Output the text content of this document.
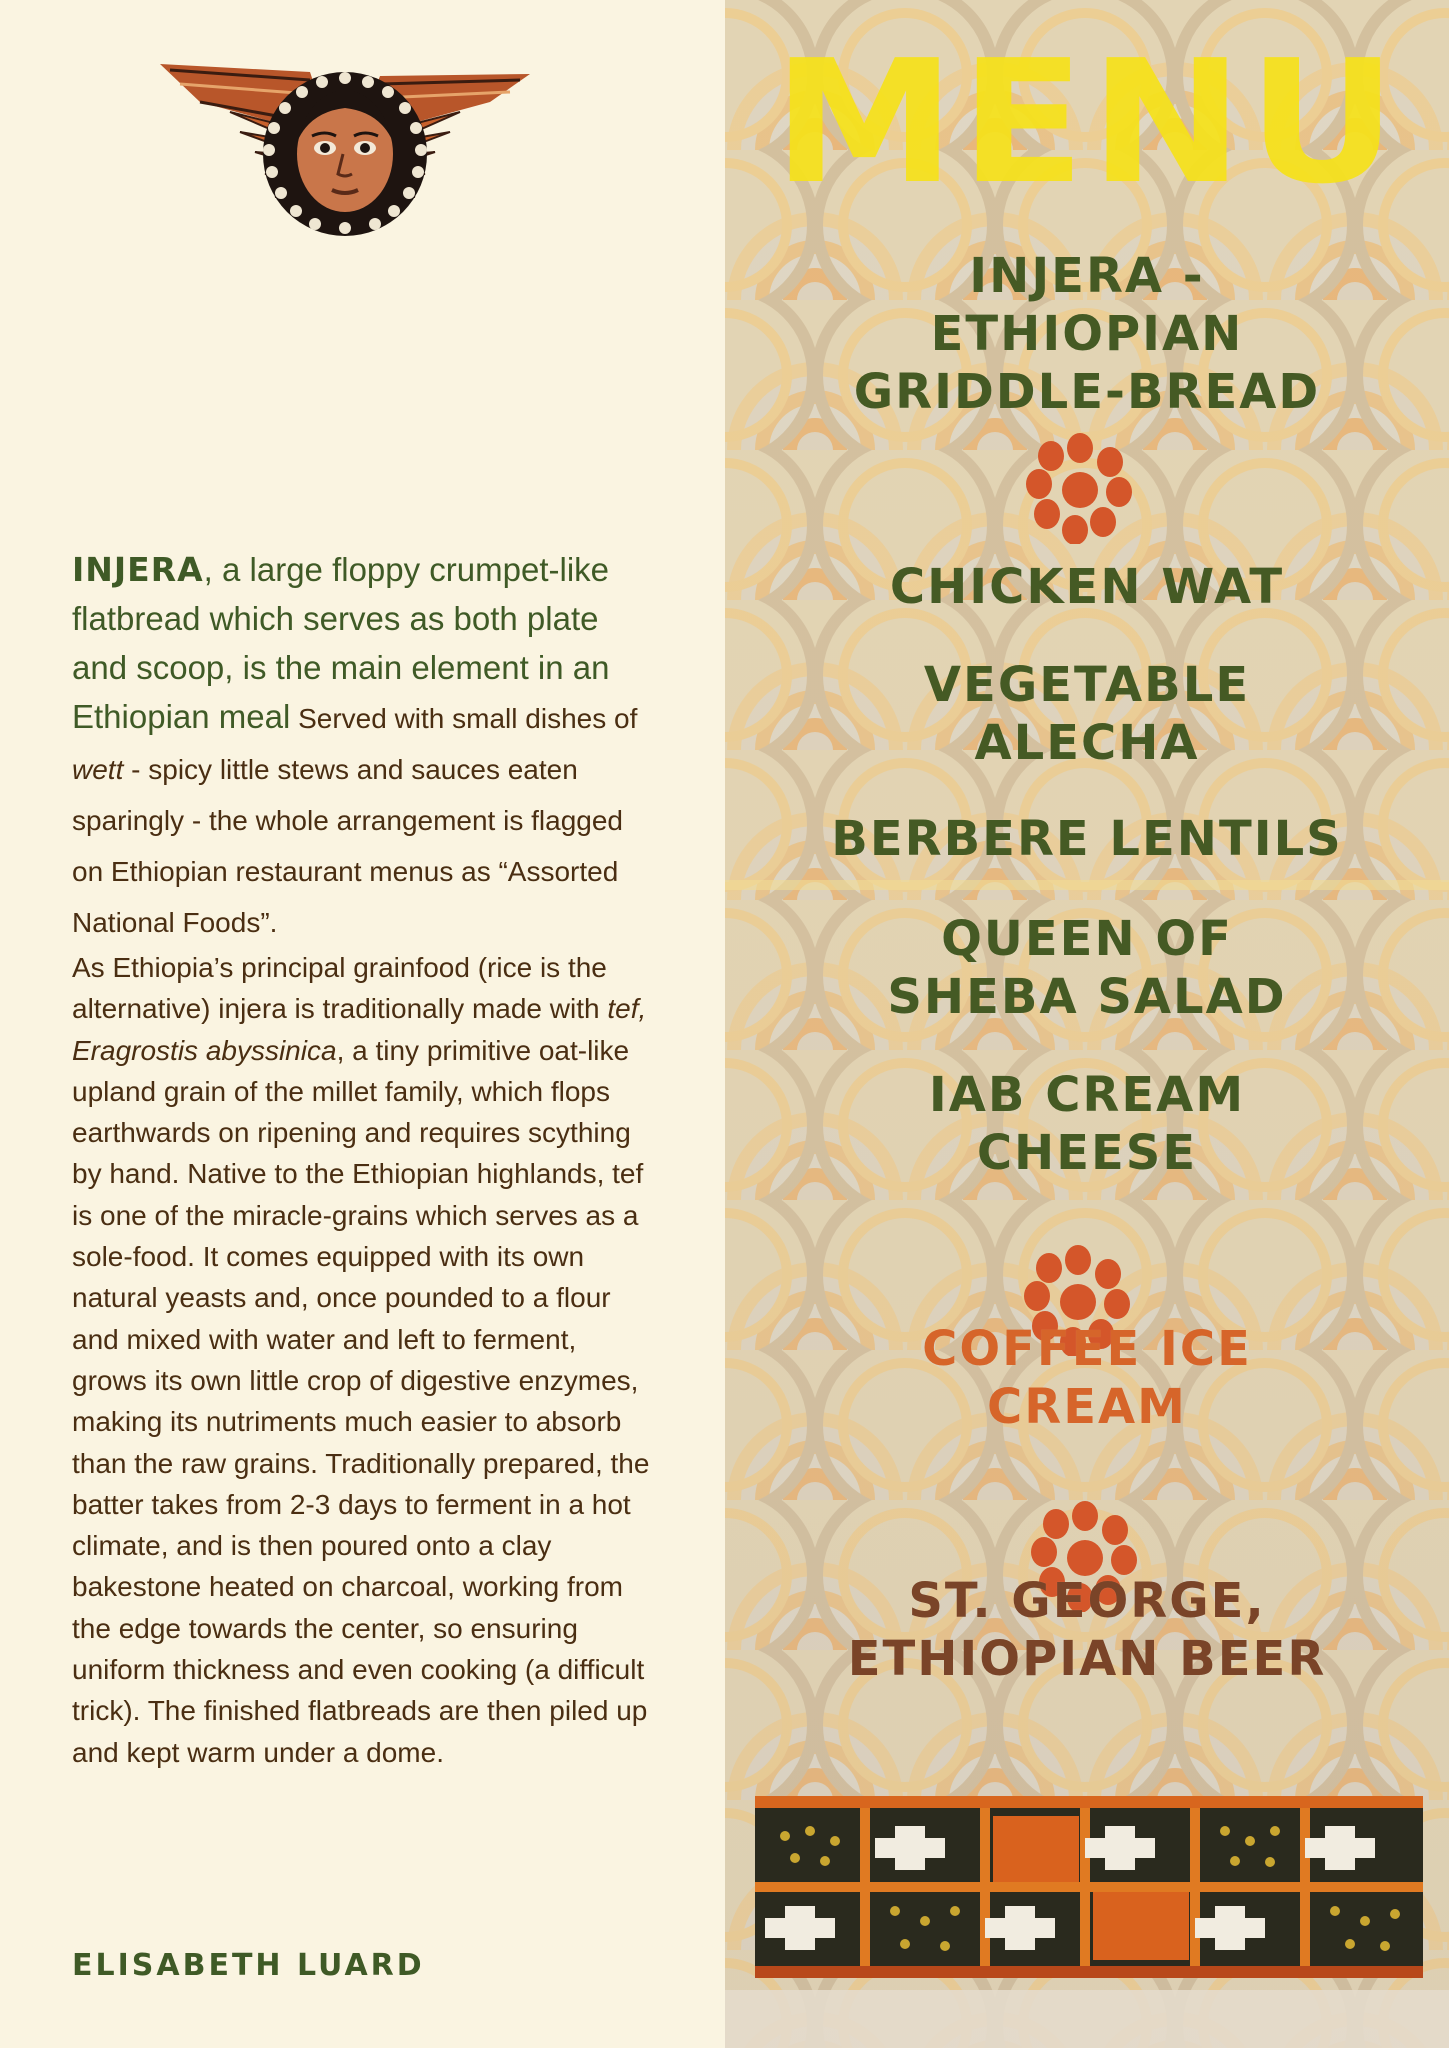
INJERA, a large floppy crumpet-like flatbread which serves as both plate and scoop, is the main element in an Ethiopian meal Served with small dishes of wett - spicy little stews and sauces eaten sparingly - the whole arrangement is flagged on Ethiopian restaurant menus as “Assorted National Foods”.

As Ethiopia’s principal grainfood (rice is the alternative) injera is traditionally made with tef, Eragrostis abyssinica, a tiny primitive oat-like upland grain of the millet family, which flops earthwards on ripening and requires scything by hand. Native to the Ethiopian highlands, tef is one of the miracle-grains which serves as a sole-food. It comes equipped with its own natural yeasts and, once pounded to a flour and mixed with water and left to ferment, grows its own little crop of digestive enzymes, making its nutriments much easier to absorb than the raw grains. Traditionally prepared, the batter takes from 2-3 days to ferment in a hot climate, and is then poured onto a clay bakestone heated on charcoal, working from the edge towards the center, so ensuring uniform thickness and even cooking (a difficult trick). The finished flatbreads are then piled up and kept warm under a dome.

ELISABETH LUARD
MENU
INJERA -
ETHIOPIAN
GRIDDLE-BREAD
CHICKEN WAT
VEGETABLE
ALECHA
BERBERE LENTILS
QUEEN OF
SHEBA SALAD
IAB CREAM
CHEESE
COFFEE ICE
CREAM
ST. GEORGE,
ETHIOPIAN BEER
